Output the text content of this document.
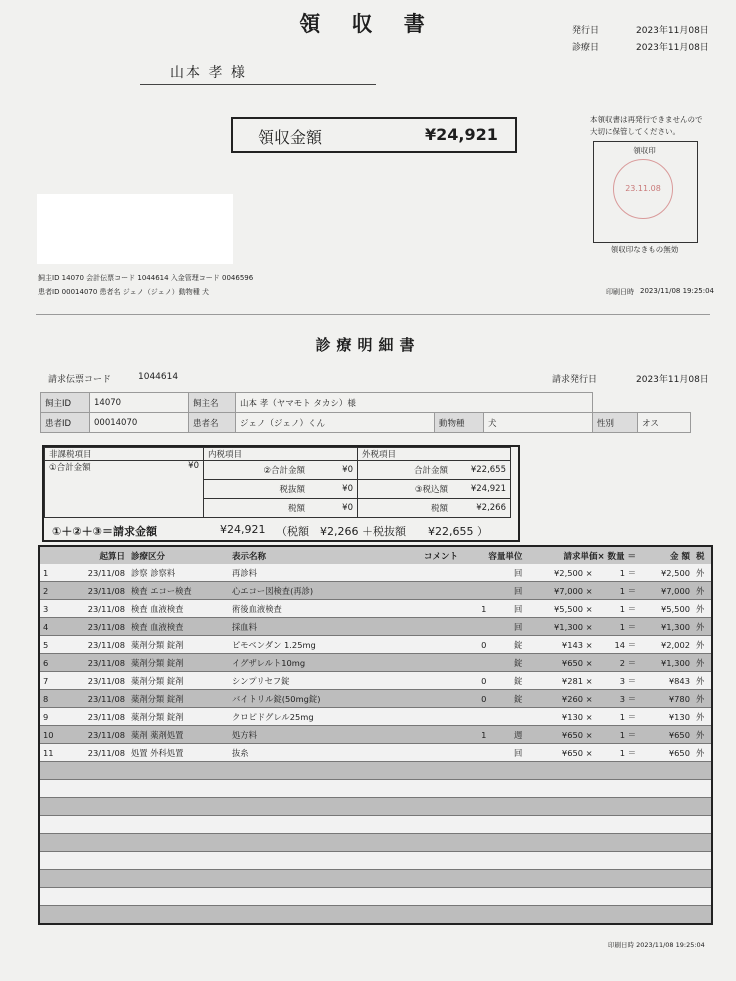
領 収 書	発行日	2023年11月08日
診療日	2023年11月08日
山本 孝 様
領収金額	¥24,921
本領収書は再発行できませんので
大切に保管してください。
領収印
23.11.08
領収印なきもの無効
飼主ID 14070 会計伝票コード 1044614 入金管理コード 0046596
患者ID 00014070 患者名 ジェノ（ジェノ）動物種 犬	印刷日時 2023/11/08 19:25:04
診療明細書
請求伝票コード	1044614	請求発行日	2023年11月08日
飼主ID	14070	飼主名	山本 孝（ヤマモト タカシ）様				
患者ID	00014070	患者名	ジェノ（ジェノ）くん	動物種	犬	性別	オス
非課税項目	内税項目		外税項目	
①合計金額 ¥0	②合計金額	¥0	合計金額	¥22,655
	税抜額	¥0	③税込額	¥24,921
	税額	¥0	税額	¥2,266
①＋②＋③＝請求金額	¥24,921 （税額　¥2,266 ＋税抜額　　¥22,655 ）
	起算日	診療区分	表示名称	コメント	容量単位		請求単価× 数量 ＝		金 額	税
1	23/11/08	診察 診察料	再診料			回	¥2,500 ×	1 ＝	¥2,500	外
2	23/11/08	検査 エコー検査	心エコー図検査(再診)			回	¥7,000 ×	1 ＝	¥7,000	外
3	23/11/08	検査 血液検査	術後血液検査		1	回	¥5,500 ×	1 ＝	¥5,500	外
4	23/11/08	検査 血液検査	採血料			回	¥1,300 ×	1 ＝	¥1,300	外
5	23/11/08	薬剤分類 錠剤	ピモベンダン 1.25mg		0	錠	¥143 ×	14 ＝	¥2,002	外
6	23/11/08	薬剤分類 錠剤	イグザレルト10mg			錠	¥650 ×	2 ＝	¥1,300	外
7	23/11/08	薬剤分類 錠剤	シンプリセフ錠		0	錠	¥281 ×	3 ＝	¥843	外
8	23/11/08	薬剤分類 錠剤	バイトリル錠(50mg錠)		0	錠	¥260 ×	3 ＝	¥780	外
9	23/11/08	薬剤分類 錠剤	クロピドグレル25mg				¥130 ×	1 ＝	¥130	外
10	23/11/08	薬剤 薬剤処置	処方料		1	週	¥650 ×	1 ＝	¥650	外
11	23/11/08	処置 外科処置	抜糸			回	¥650 ×	1 ＝	¥650	外

印刷日時 2023/11/08 19:25:04
